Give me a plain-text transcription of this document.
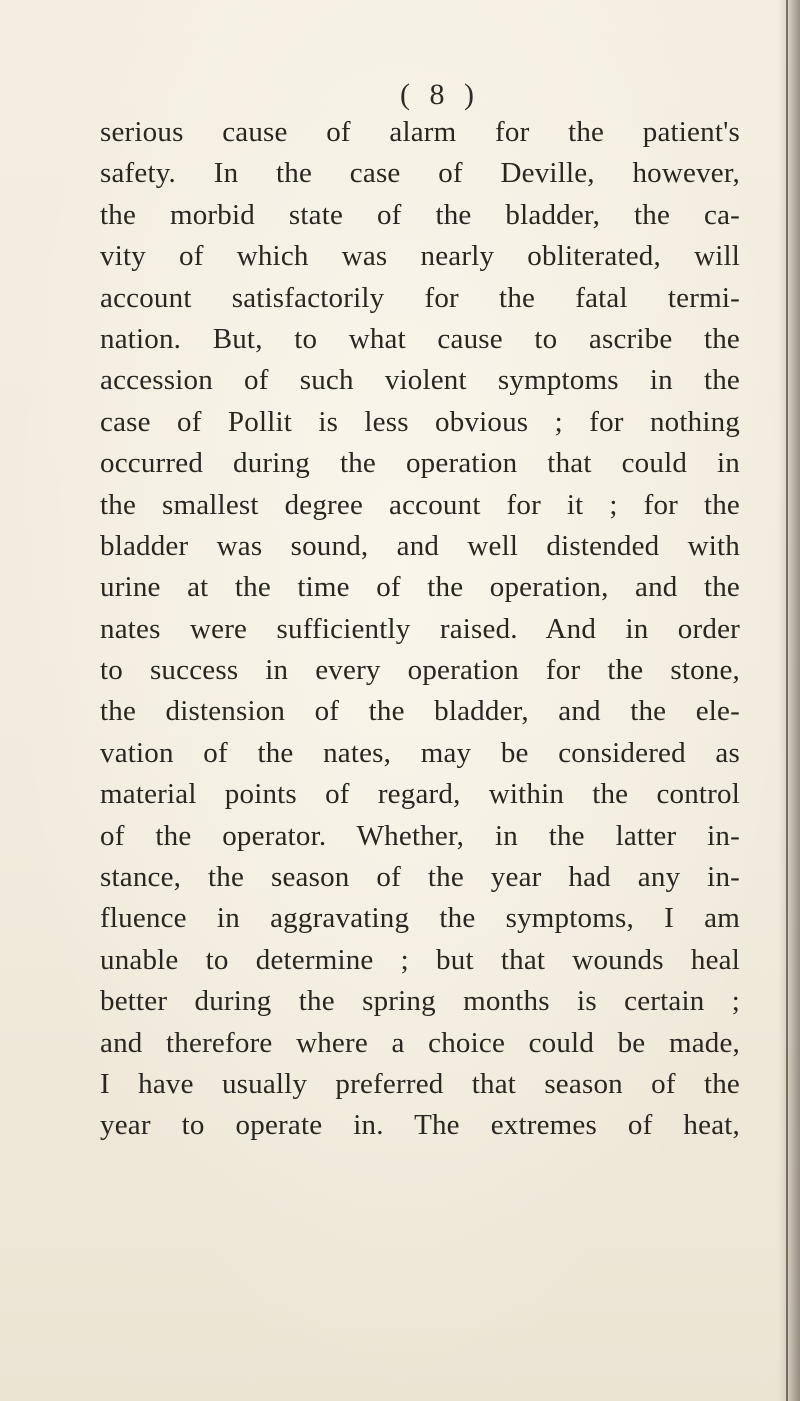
( 8 )
serious cause of alarm for the patient's
safety. In the case of Deville, however,
the morbid state of the bladder, the ca-
vity of which was nearly obliterated, will
account satisfactorily for the fatal termi-
nation. But, to what cause to ascribe the
accession of such violent symptoms in the
case of Pollit is less obvious ; for nothing
occurred during the operation that could in
the smallest degree account for it ; for the
bladder was sound, and well distended with
urine at the time of the operation, and the
nates were sufficiently raised. And in order
to success in every operation for the stone,
the distension of the bladder, and the ele-
vation of the nates, may be considered as
material points of regard, within the control
of the operator. Whether, in the latter in-
stance, the season of the year had any in-
fluence in aggravating the symptoms, I am
unable to determine ; but that wounds heal
better during the spring months is certain ;
and therefore where a choice could be made,
I have usually preferred that season of the
year to operate in. The extremes of heat,
